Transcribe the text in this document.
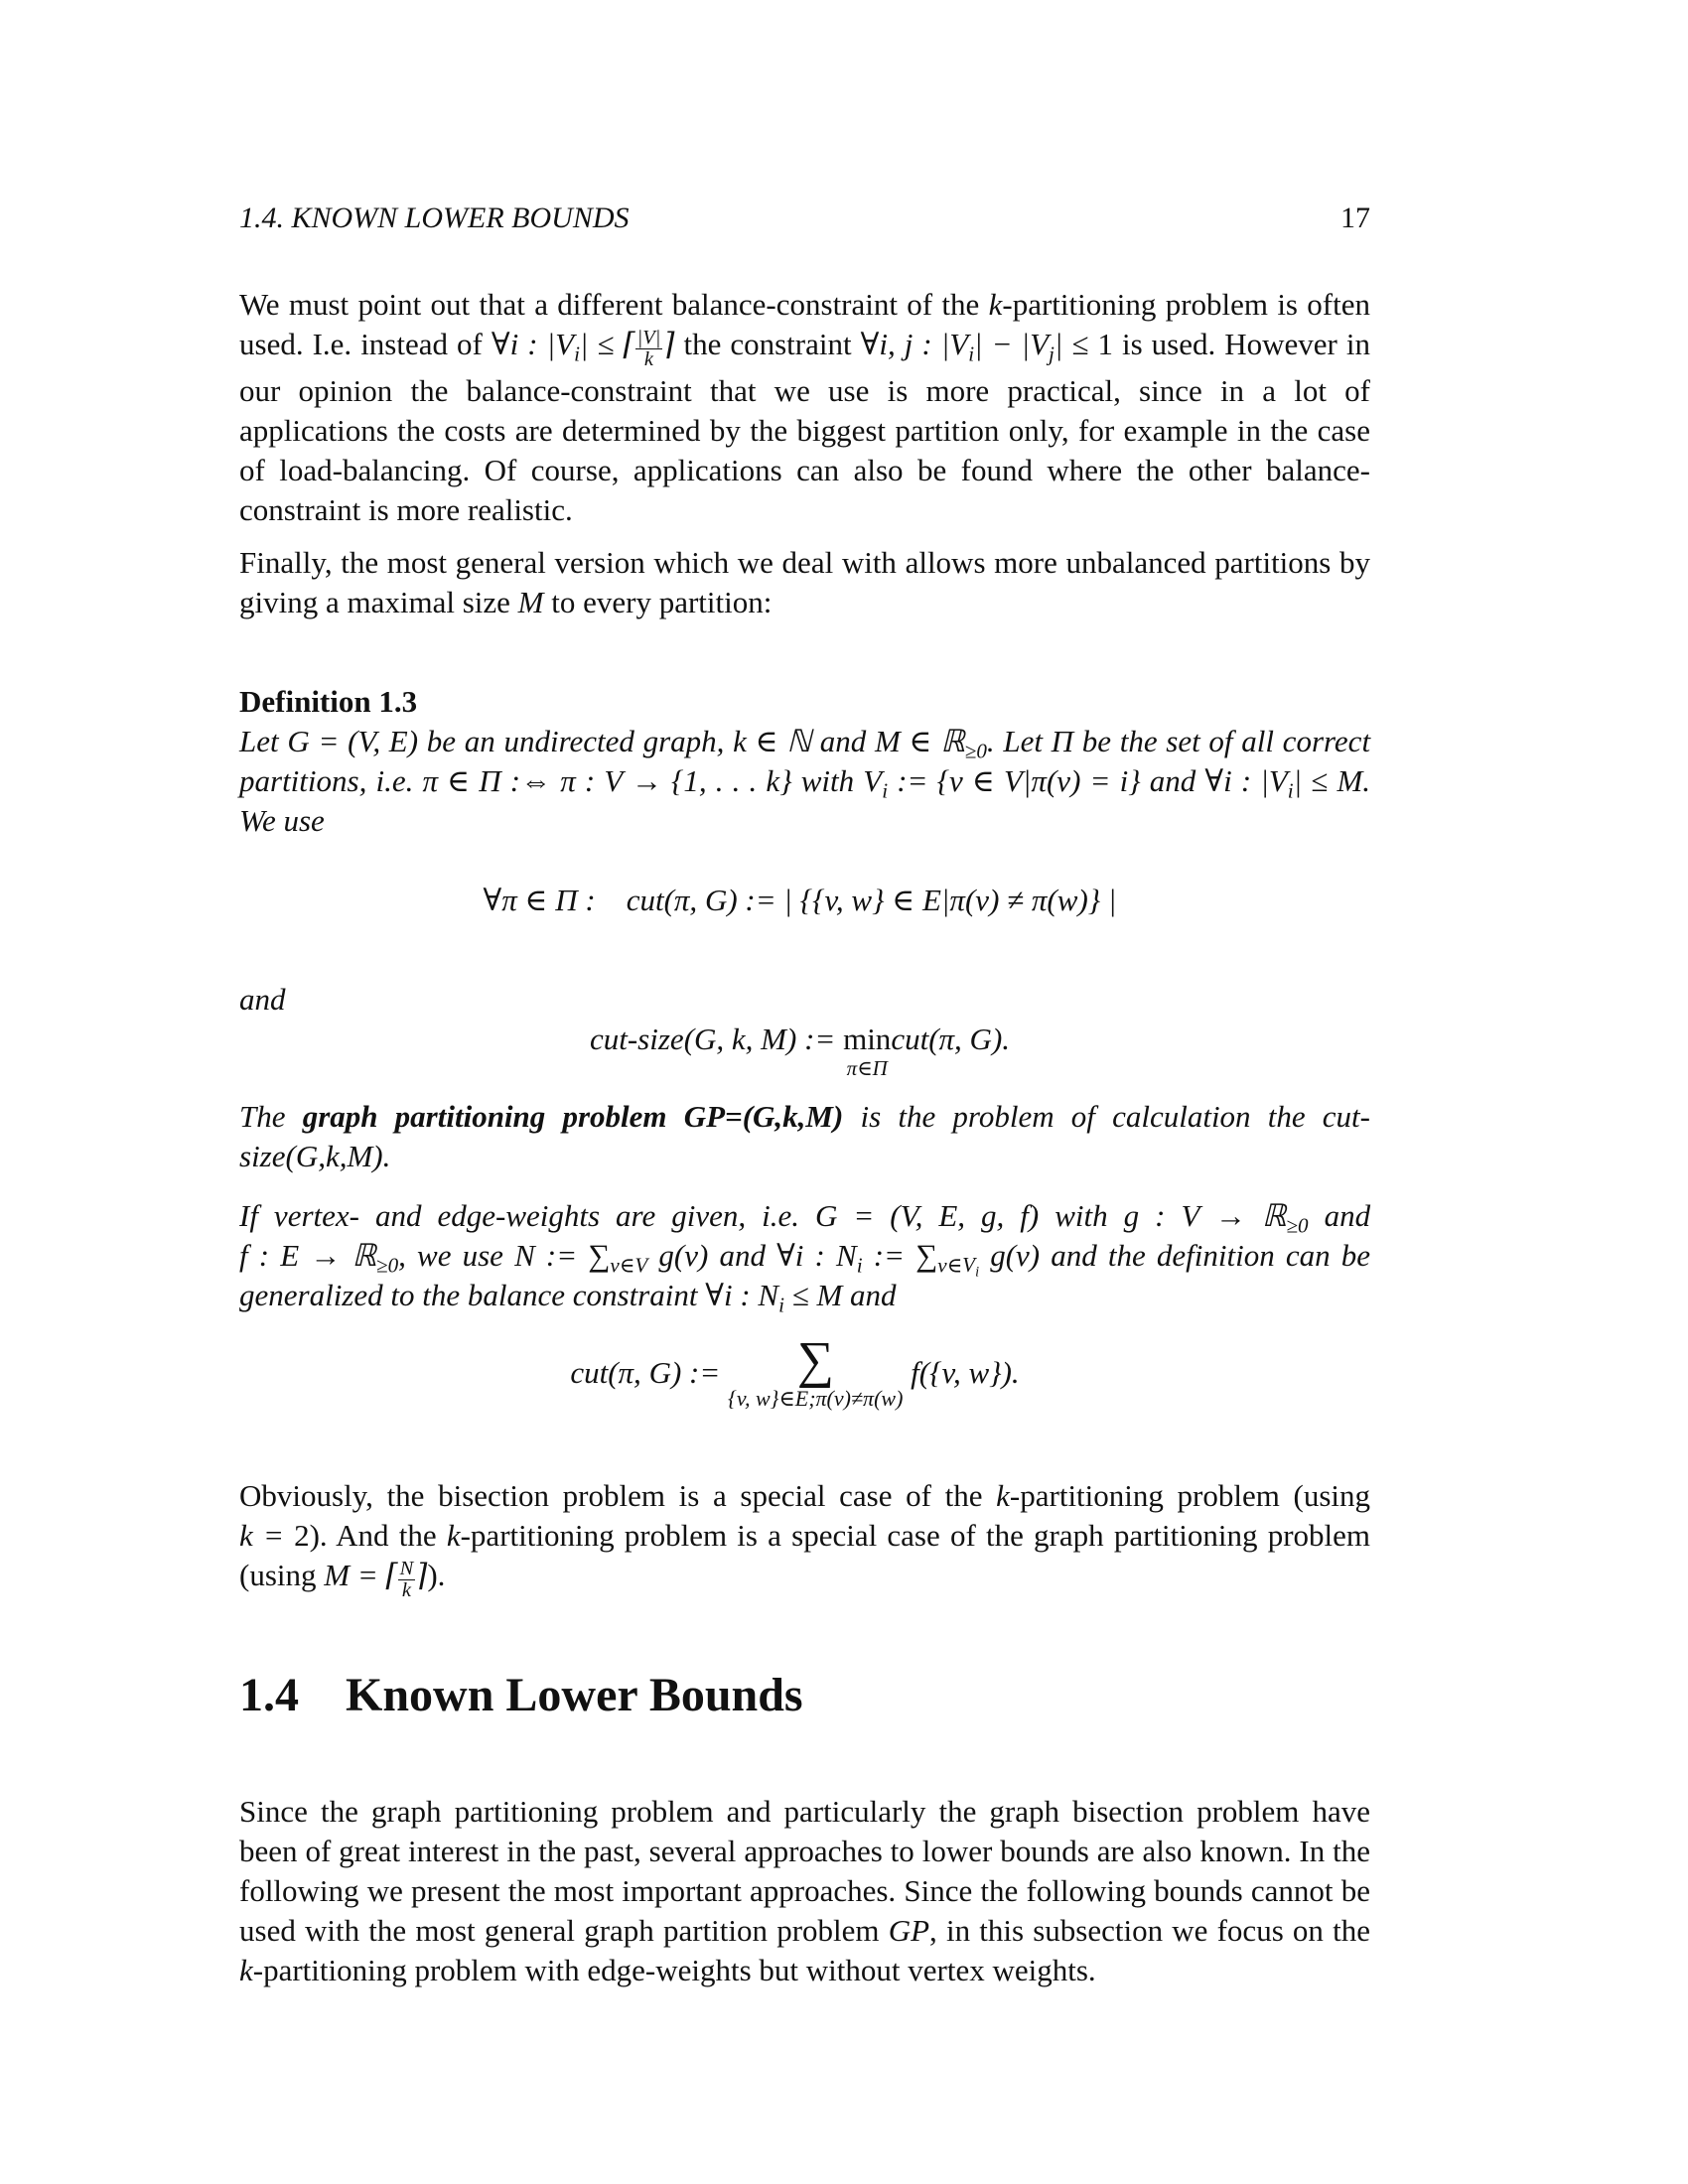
1.4. KNOWN LOWER BOUNDS	17

We must point out that a different balance-constraint of the k-partitioning problem is often used. I.e. instead of ∀i : $|V_i|$ ≤ ⌈ $\frac{|V|}{k}$ ⌉ the constraint ∀i, j : $|V_i| - |V_j| \le 1$ is used. However in our opinion the balance-constraint that we use is more practical, since in a lot of applications the costs are determined by the biggest partition only, for example in the case of load-balancing. Of course, applications can also be found where the other balance-constraint is more realistic.

Finally, the most general version which we deal with allows more unbalanced partitions by giving a maximal size M to every partition:

Definition 1.3

Let G = (V, E) be an undirected graph, k ∈ ℕ and M ∈ ℝ$_{\ge 0}$. Let Π be the set of all correct partitions, i.e. π ∈ Π :⇔ π : V → {1, . . . k} with $V_i$ := {v ∈ V|π(v) = i} and ∀i : $|V_i| \le M$. We use

∀π ∈ Π :    cut(π, G) := | {{v, w} ∈ E|π(v) ≠ π(w)} |
and
cut-size(G, k, M) := min
π∈Π
cut(π, G).

The graph partitioning problem GP=(G,k,M) is the problem of calculation the cut-size(G,k,M).

If vertex- and edge-weights are given, i.e. G = (V, E, g, f) with g : V → ℝ$_{\ge 0}$ and f : E → ℝ$_{\ge 0}$, we use N := $\sum_{v\in V}$ g(v) and ∀i : $N_i$ := $\sum_{v\in V_i}$ g(v) and the definition can be generalized to the balance constraint ∀i : $N_i \le M$ and

cut(π, G) :=	∑
{v, w}∈E;π(v)≠π(w)
f({v, w}).

Obviously, the bisection problem is a special case of the k-partitioning problem (using k = 2). And the k-partitioning problem is a special case of the graph partitioning problem (using M = ⌈ $\frac{N}{k}$ ⌉).

1.4 Known Lower Bounds

Since the graph partitioning problem and particularly the graph bisection problem have been of great interest in the past, several approaches to lower bounds are also known. In the following we present the most important approaches. Since the following bounds cannot be used with the most general graph partition problem GP, in this subsection we focus on the k-partitioning problem with edge-weights but without vertex weights.
